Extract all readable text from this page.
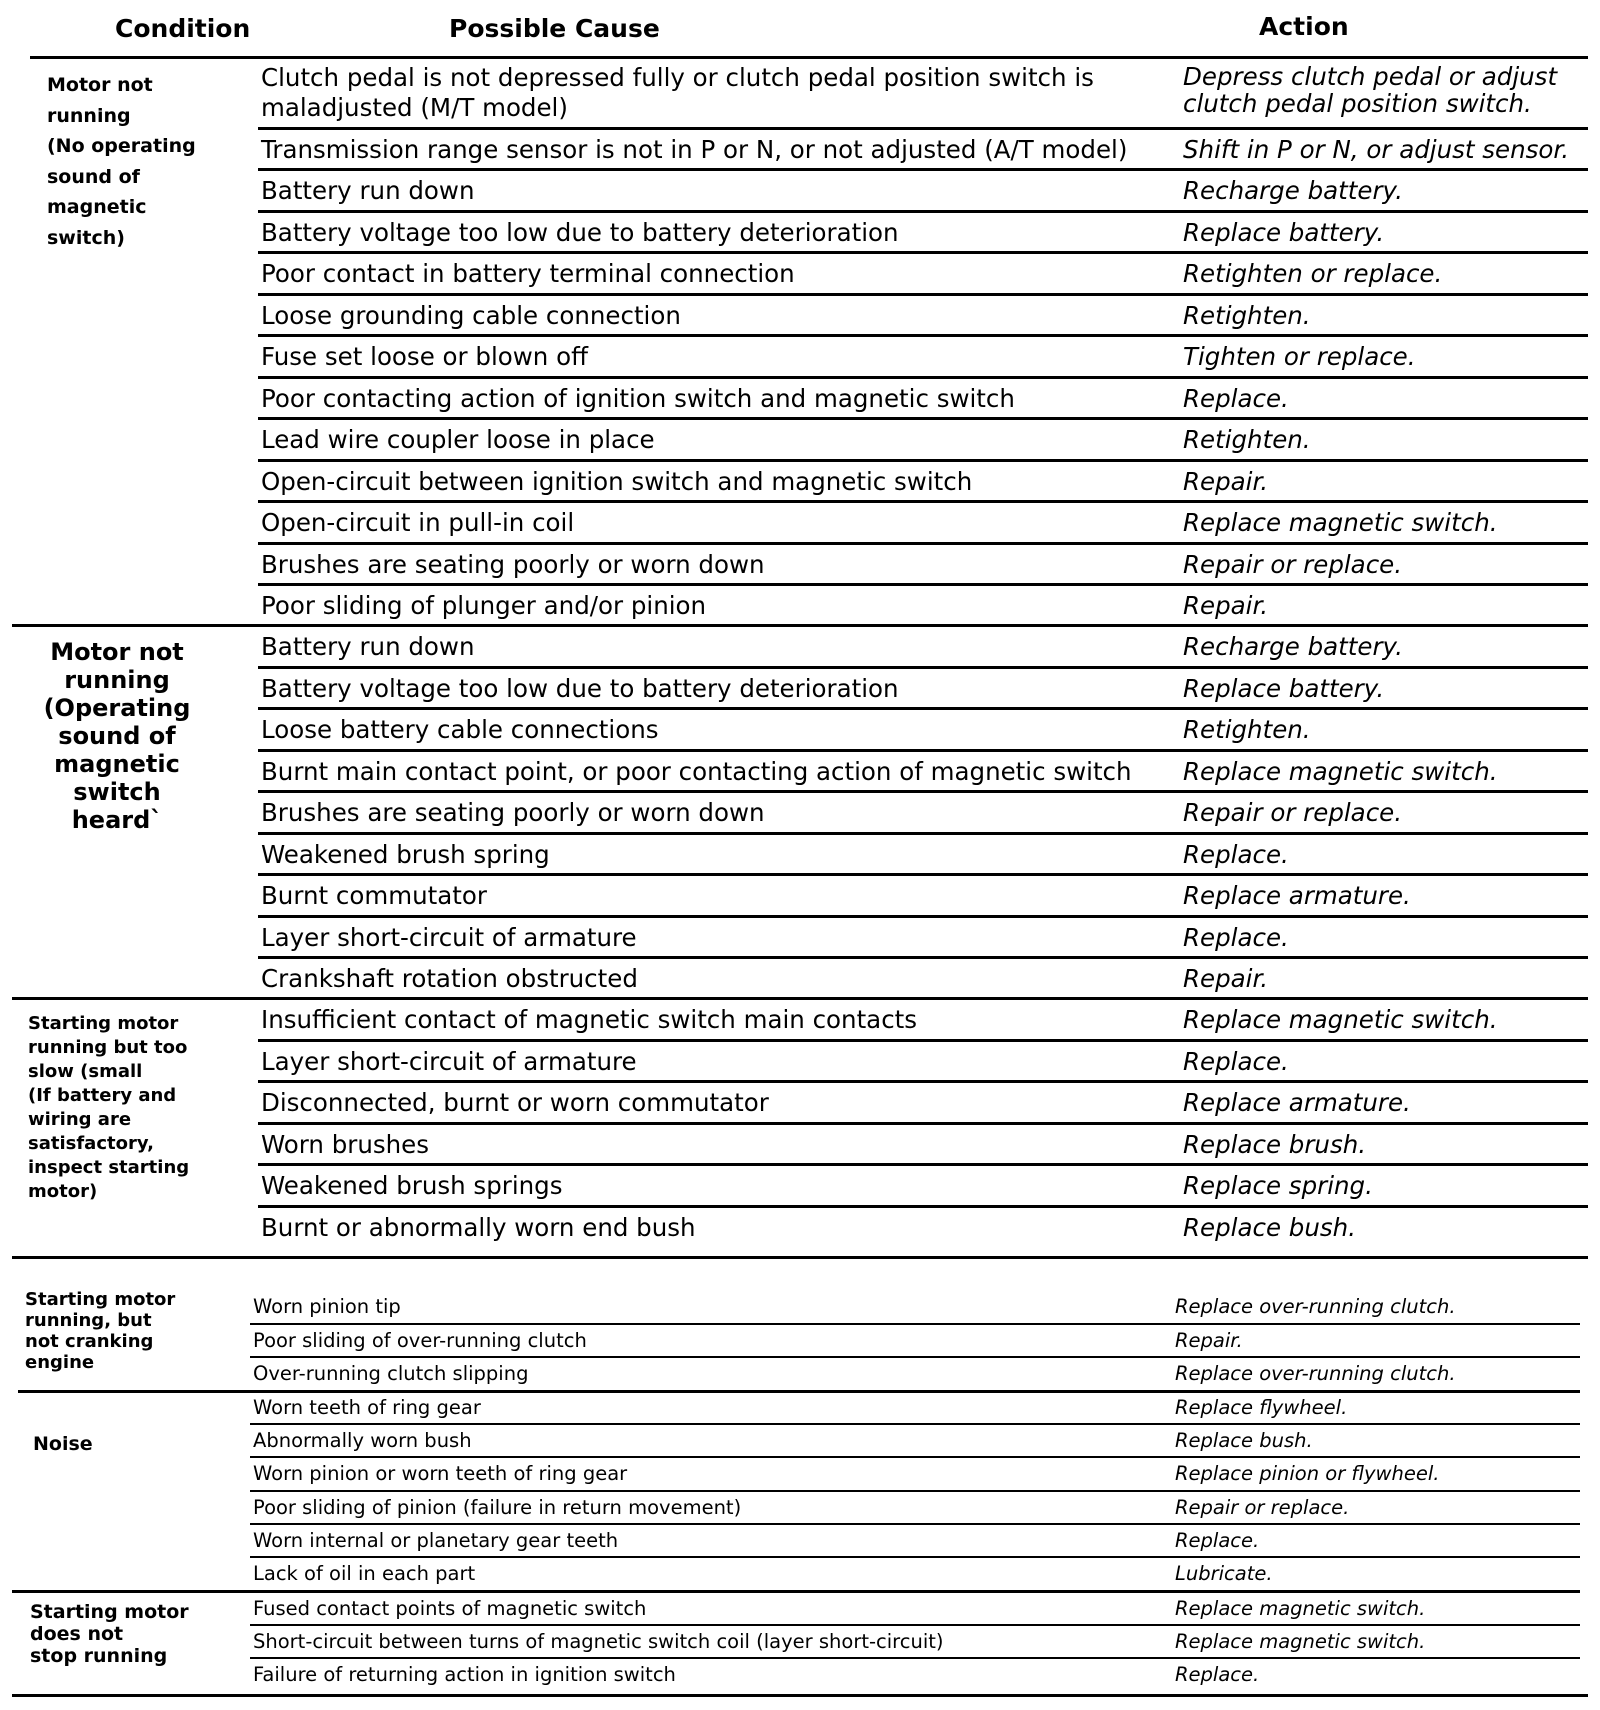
Condition	Possible Cause	Action
Motor not
running
(No operating
sound of
magnetic
switch)
Clutch pedal is not depressed fully or clutch pedal position switch is
maladjusted (M/T model)
Depress clutch pedal or adjust
clutch pedal position switch.
Transmission range sensor is not in P or N, or not adjusted (A/T model) Shift in P or N, or adjust sensor.
Battery run down	Recharge battery.
Battery voltage too low due to battery deterioration	Replace battery.
Poor contact in battery terminal connection	Retighten or replace.
Loose grounding cable connection	Retighten.
Fuse set loose or blown off	Tighten or replace.
Poor contacting action of ignition switch and magnetic switch	Replace.
Lead wire coupler loose in place	Retighten.
Open-circuit between ignition switch and magnetic switch	Repair.
Open-circuit in pull-in coil	Replace magnetic switch.
Brushes are seating poorly or worn down	Repair or replace.
Poor sliding of plunger and/or pinion	Repair.
Motor not
running
(Operating
sound of
magnetic
switch
heard`
Battery run down	Recharge battery.
Battery voltage too low due to battery deterioration	Replace battery.
Loose battery cable connections	Retighten.
Burnt main contact point, or poor contacting action of magnetic switch Replace magnetic switch.
Brushes are seating poorly or worn down	Repair or replace.
Weakened brush spring	Replace.
Burnt commutator	Replace armature.
Layer short-circuit of armature	Replace.
Crankshaft rotation obstructed	Repair.
Starting motor
running but too
slow (small
(If battery and
wiring are
satisfactory,
inspect starting
motor)
Insufficient contact of magnetic switch main contacts	Replace magnetic switch.
Layer short-circuit of armature	Replace.
Disconnected, burnt or worn commutator	Replace armature.
Worn brushes	Replace brush.
Weakened brush springs	Replace spring.
Burnt or abnormally worn end bush	Replace bush.
Starting motor
running, but
not cranking
engine
Worn pinion tip	Replace over-running clutch.
Poor sliding of over-running clutch	Repair.
Over-running clutch slipping	Replace over-running clutch.
Noise
Worn teeth of ring gear	Replace flywheel.
Abnormally worn bush	Replace bush.
Worn pinion or worn teeth of ring gear	Replace pinion or flywheel.
Poor sliding of pinion (failure in return movement)	Repair or replace.
Worn internal or planetary gear teeth	Replace.
Lack of oil in each part	Lubricate.
Starting motor
does not
stop running
Fused contact points of magnetic switch	Replace magnetic switch.
Short-circuit between turns of magnetic switch coil (layer short-circuit)	Replace magnetic switch.
Failure of returning action in ignition switch	Replace.
